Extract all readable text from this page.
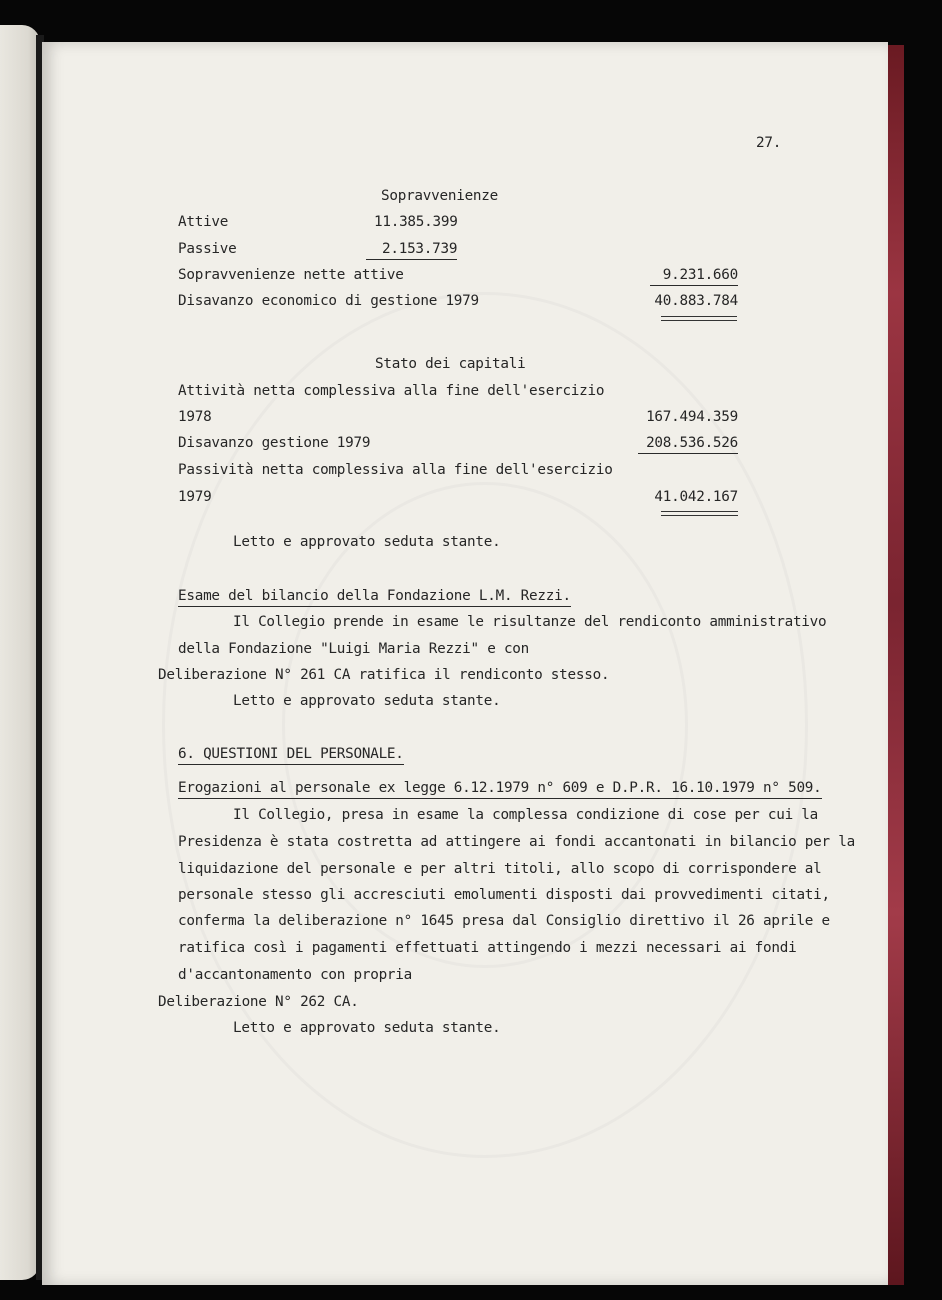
27.
Sopravvenienze
Attive	11.385.399
Passive	2.153.739
Sopravvenienze nette attive	9.231.660
Disavanzo economico di gestione 1979	40.883.784
Stato dei capitali
Attività netta complessiva alla fine dell'esercizio
1978	167.494.359
Disavanzo gestione 1979	208.536.526
Passività netta complessiva alla fine dell'esercizio
1979	41.042.167
Letto e approvato seduta stante.
Esame del bilancio della Fondazione L.M. Rezzi.
Il Collegio prende in esame le risultanze del rendiconto amministrativo
della Fondazione "Luigi Maria Rezzi" e con
Deliberazione N° 261 CA ratifica il rendiconto stesso.
Letto e approvato seduta stante.
6. QUESTIONI DEL PERSONALE.
Erogazioni al personale ex legge 6.12.1979 n° 609 e D.P.R. 16.10.1979 n° 509.
Il Collegio, presa in esame la complessa condizione di cose per cui la
Presidenza è stata costretta ad attingere ai fondi accantonati in bilancio per la
liquidazione del personale e per altri titoli, allo scopo di corrispondere al
personale stesso gli accresciuti emolumenti disposti dai provvedimenti citati,
conferma la deliberazione n° 1645 presa dal Consiglio direttivo il 26 aprile e
ratifica così i pagamenti effettuati attingendo i mezzi necessari ai fondi
d'accantonamento con propria
Deliberazione N° 262 CA.
Letto e approvato seduta stante.
